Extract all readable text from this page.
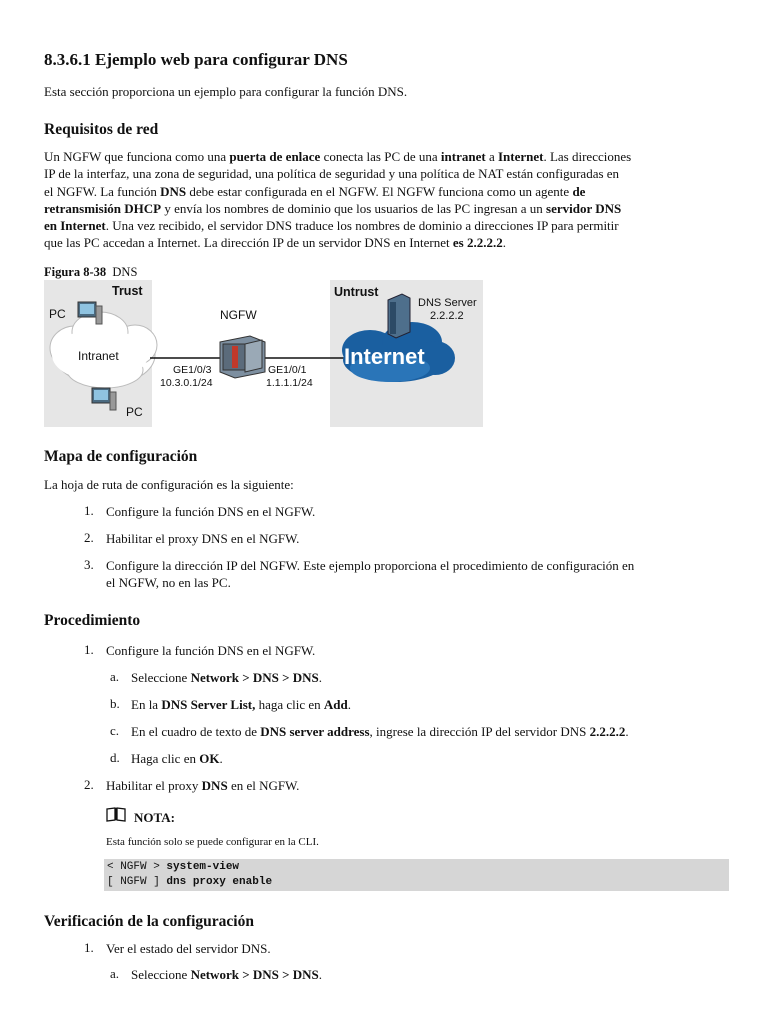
8.3.6.1 Ejemplo web para configurar DNS

Esta sección proporciona un ejemplo para configurar la función DNS.

Requisitos de red
Un NGFW que funciona como una puerta de enlace conecta las PC de una intranet a Internet. Las direcciones
IP de la interfaz, una zona de seguridad, una política de seguridad y una política de NAT están configuradas en
el NGFW. La función DNS debe estar configurada en el NGFW. El NGFW funciona como un agente de
retransmisión DHCP y envía los nombres de dominio que los usuarios de las PC ingresan a un servidor DNS
en Internet. Una vez recibido, el servidor DNS traduce los nombres de dominio a direcciones IP para permitir
que las PC accedan a Internet. La dirección IP de un servidor DNS en Internet es 2.2.2.2.
Figura 8-38 DNS
Trust	Untrust
PC
PC
Intranet
NGFW
GE1/0/3
10.3.0.1/24
GE1/0/1
1.1.1.1/24
DNS Server
2.2.2.2
Internet
Mapa de configuración

La hoja de ruta de configuración es la siguiente:

1. Configure la función DNS en el NGFW.
2. Habilitar el proxy DNS en el NGFW.
3. Configure la dirección IP del NGFW. Este ejemplo proporciona el procedimiento de configuración en
el NGFW, no en las PC.
Procedimiento
1. Configure la función DNS en el NGFW.
a. Seleccione Network > DNS > DNS.
b. En la DNS Server List, haga clic en Add.
c. En el cuadro de texto de DNS server address, ingrese la dirección IP del servidor DNS 2.2.2.2.
d. Haga clic en OK.
2. Habilitar el proxy DNS en el NGFW.
NOTA:
Esta función solo se puede configurar en la CLI.
< NGFW > system-view
[ NGFW ] dns proxy enable
Verificación de la configuración
1. Ver el estado del servidor DNS.
a. Seleccione Network > DNS > DNS.
